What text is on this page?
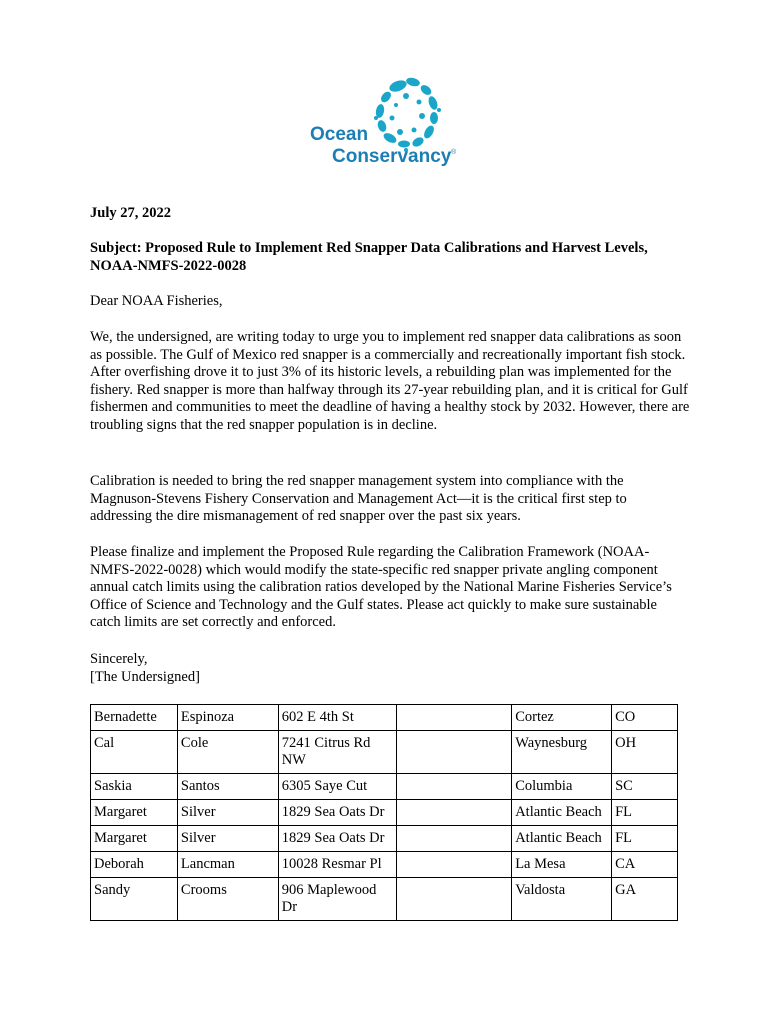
Ocean
Conservancy ®
July 27, 2022
Subject: Proposed Rule to Implement Red Snapper Data Calibrations and Harvest Levels, NOAA-NMFS-2022-0028
Dear NOAA Fisheries,

We, the undersigned, are writing today to urge you to implement red snapper data calibrations as soon as possible. The Gulf of Mexico red snapper is a commercially and recreationally important fish stock. After overfishing drove it to just 3% of its historic levels, a rebuilding plan was implemented for the fishery. Red snapper is more than halfway through its 27-year rebuilding plan, and it is critical for Gulf fishermen and communities to meet the deadline of having a healthy stock by 2032. However, there are troubling signs that the red snapper population is in decline.

Calibration is needed to bring the red snapper management system into compliance with the Magnuson-Stevens Fishery Conservation and Management Act—it is the critical first step to addressing the dire mismanagement of red snapper over the past six years.

Please finalize and implement the Proposed Rule regarding the Calibration Framework (NOAA-NMFS-2022-0028) which would modify the state-specific red snapper private angling component annual catch limits using the calibration ratios developed by the National Marine Fisheries Service’s Office of Science and Technology and the Gulf states. Please act quickly to make sure sustainable catch limits are set correctly and enforced.

Sincerely,
[The Undersigned]
Bernadette	Espinoza	602 E 4th St		Cortez	CO
Cal	Cole	7241 Citrus Rd NW		Waynesburg	OH
Saskia	Santos	6305 Saye Cut		Columbia	SC
Margaret	Silver	1829 Sea Oats Dr		Atlantic Beach	FL
Margaret	Silver	1829 Sea Oats Dr		Atlantic Beach	FL
Deborah	Lancman	10028 Resmar Pl		La Mesa	CA
Sandy	Crooms	906 Maplewood Dr		Valdosta	GA
